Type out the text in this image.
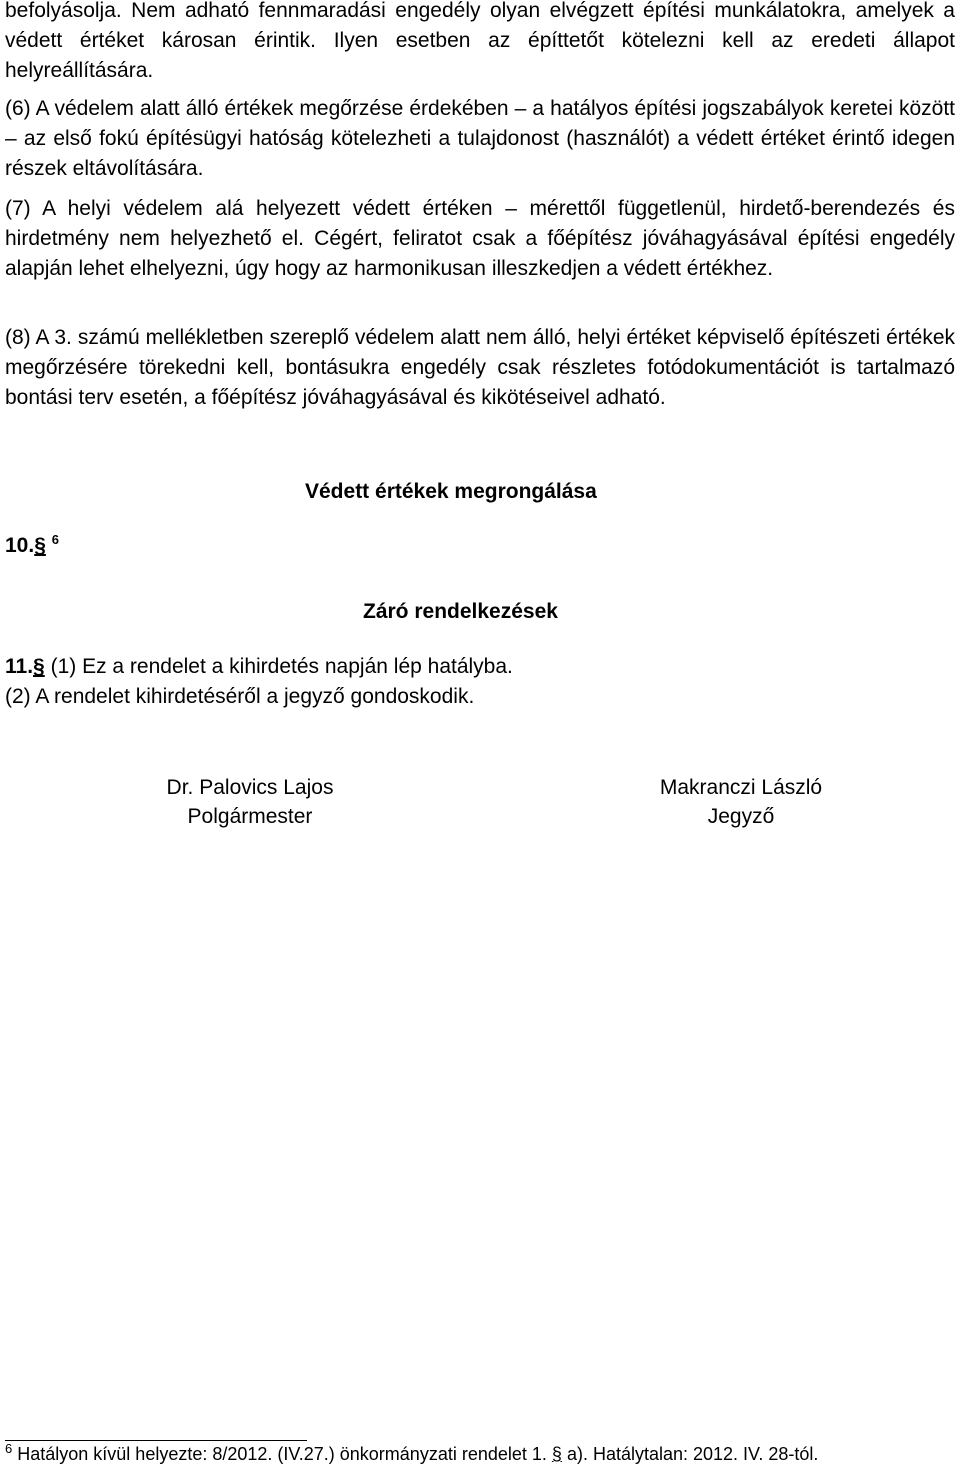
befolyásolja. Nem adható fennmaradási engedély olyan elvégzett építési munkálatokra, amelyek a védett értéket károsan érintik. Ilyen esetben az építtetőt kötelezni kell az eredeti állapot helyreállítására.

(6) A védelem alatt álló értékek megőrzése érdekében – a hatályos építési jogszabályok keretei között – az első fokú építésügyi hatóság kötelezheti a tulajdonost (használót) a védett értéket érintő idegen részek eltávolítására.

(7) A helyi védelem alá helyezett védett értéken – mérettől függetlenül, hirdető-berendezés és hirdetmény nem helyezhető el. Cégért, feliratot csak a főépítész jóváhagyásával építési engedély alapján lehet elhelyezni, úgy hogy az harmonikusan illeszkedjen a védett értékhez.

(8) A 3. számú mellékletben szereplő védelem alatt nem álló, helyi értéket képviselő építészeti értékek megőrzésére törekedni kell, bontásukra engedély csak részletes fotódokumentációt is tartalmazó bontási terv esetén, a főépítész jóváhagyásával és kikötéseivel adható.

Védett értékek megrongálása
10.§ $^6$
Záró rendelkezések
11.§ (1) Ez a rendelet a kihirdetés napján lép hatályba.
(2) A rendelet kihirdetéséről a jegyző gondoskodik.
Dr. Palovics Lajos
Polgármester
Makranczi László
Jegyző
$^6$ Hatályon kívül helyezte: 8/2012. (IV.27.) önkormányzati rendelet 1. § a). Hatálytalan: 2012. IV. 28-tól.
